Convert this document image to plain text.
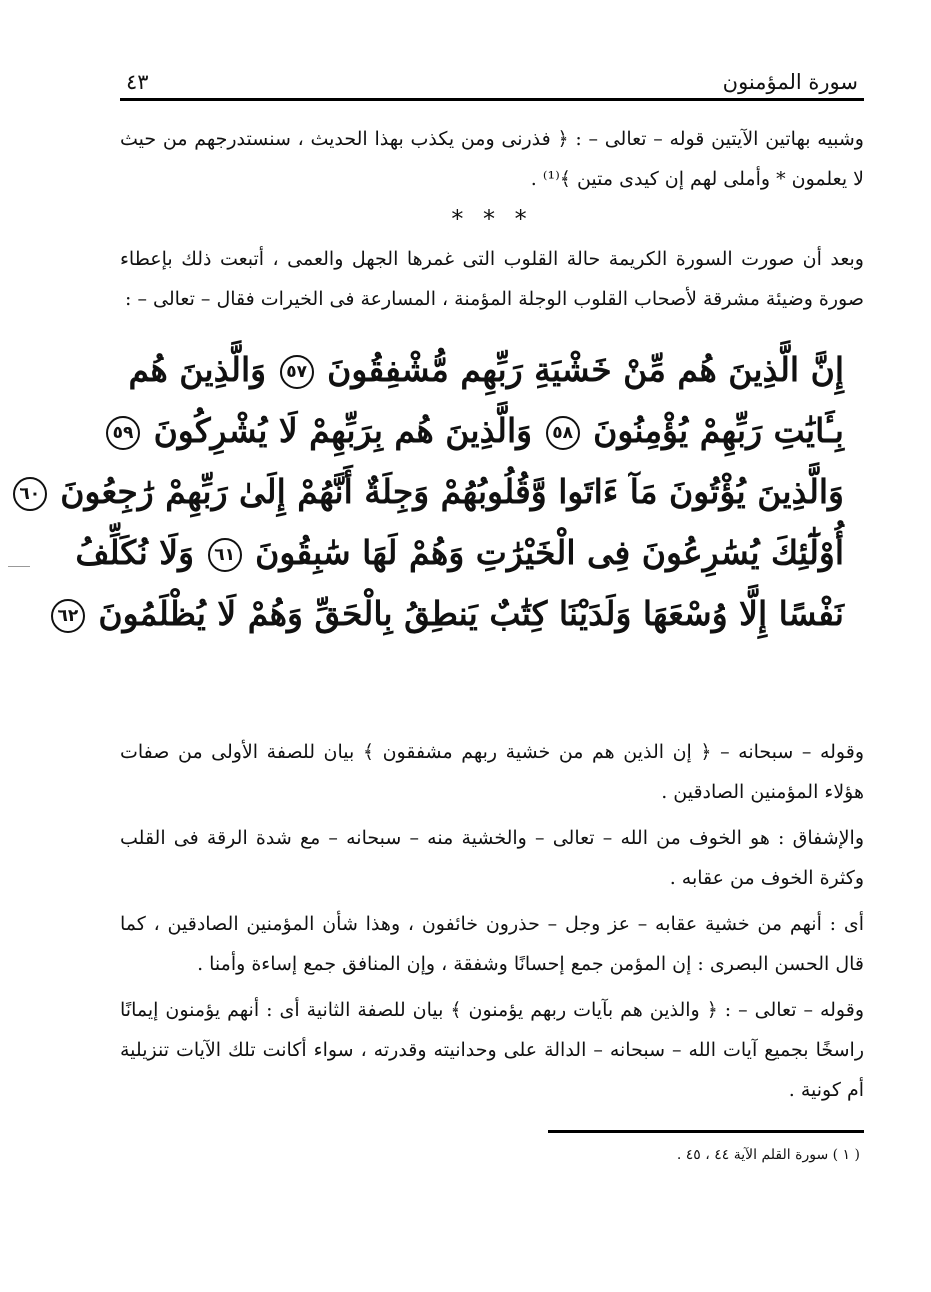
سورة المؤمنون
٤٣

وشبيه بهاتين الآيتين قوله – تعالى – : ﴿ فذرنى ومن يكذب بهذا الحديث ، سنستدرجهم من حيث لا يعلمون * وأملى لهم إن كيدى متين ﴾⁽¹⁾ .

* * *

وبعد أن صورت السورة الكريمة حالة القلوب التى غمرها الجهل والعمى ، أتبعت ذلك بإعطاء صورة وضيئة مشرقة لأصحاب القلوب الوجلة المؤمنة ، المسارعة فى الخيرات فقال – تعالى – :

إِنَّ الَّذِينَ هُم مِّنْ خَشْيَةِ رَبِّهِم مُّشْفِقُونَ ٥٧ وَالَّذِينَ هُم
بِـَٔايَٰتِ رَبِّهِمْ يُؤْمِنُونَ ٥٨ وَالَّذِينَ هُم بِرَبِّهِمْ لَا يُشْرِكُونَ ٥٩
وَالَّذِينَ يُؤْتُونَ مَآ ءَاتَوا وَّقُلُوبُهُمْ وَجِلَةٌ أَنَّهُمْ إِلَىٰ رَبِّهِمْ رَٰجِعُونَ ٦٠
أُوْلَٰٓئِكَ يُسَٰرِعُونَ فِى الْخَيْرَٰتِ وَهُمْ لَهَا سَٰبِقُونَ ٦١ وَلَا نُكَلِّفُ
نَفْسًا إِلَّا وُسْعَهَا وَلَدَيْنَا كِتَٰبٌ يَنطِقُ بِالْحَقِّ وَهُمْ لَا يُظْلَمُونَ ٦٢

وقوله – سبحانه – ﴿ إن الذين هم من خشية ربهم مشفقون ﴾ بيان للصفة الأولى من صفات هؤلاء المؤمنين الصادقين .

والإشفاق : هو الخوف من الله – تعالى – والخشية منه – سبحانه – مع شدة الرقة فى القلب وكثرة الخوف من عقابه .

أى : أنهم من خشية عقابه – عز وجل – حذرون خائفون ، وهذا شأن المؤمنين الصادقين ، كما قال الحسن البصرى : إن المؤمن جمع إحسانًا وشفقة ، وإن المنافق جمع إساءة وأمنا .

وقوله – تعالى – : ﴿ والذين هم بآيات ربهم يؤمنون ﴾ بيان للصفة الثانية أى : أنهم يؤمنون إيمانًا راسخًا بجميع آيات الله – سبحانه – الدالة على وحدانيته وقدرته ، سواء أكانت تلك الآيات تنزيلية أم كونية .

( ١ ) سورة القلم الآية ٤٤ ، ٤٥ .
